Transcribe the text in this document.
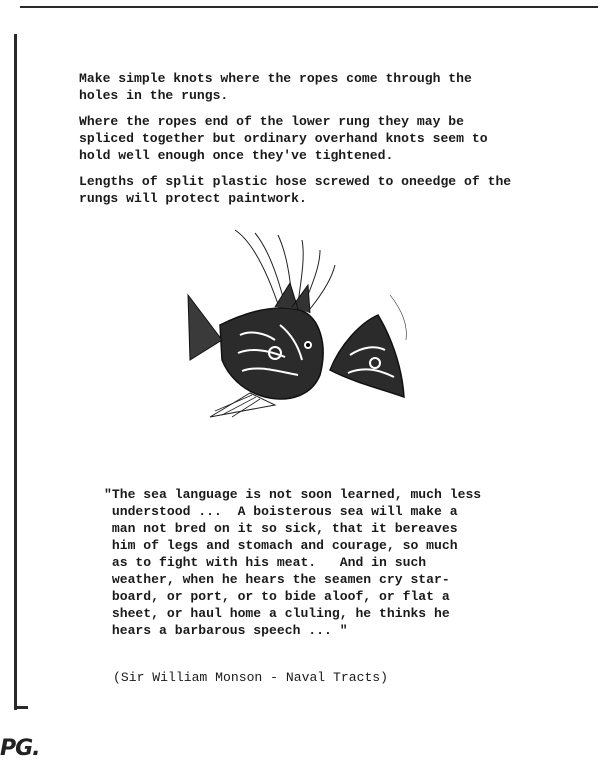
Make simple knots where the ropes come through the
holes in the rungs.

Where the ropes end of the lower rung they may be
spliced together but ordinary overhand knots seem to
hold well enough once they've tightened.

Lengths of split plastic hose screwed to oneedge of the
rungs will protect paintwork.

"The sea language is not soon learned, much less
understood ...  A boisterous sea will make a
man not bred on it so sick, that it bereaves
him of legs and stomach and courage, so much
as to fight with his meat.   And in such
weather, when he hears the seamen cry star-
board, or port, or to bide aloof, or flat a
sheet, or haul home a cluling, he thinks he
hears a barbarous speech ... "

(Sir William Monson - Naval Tracts)

PG.
